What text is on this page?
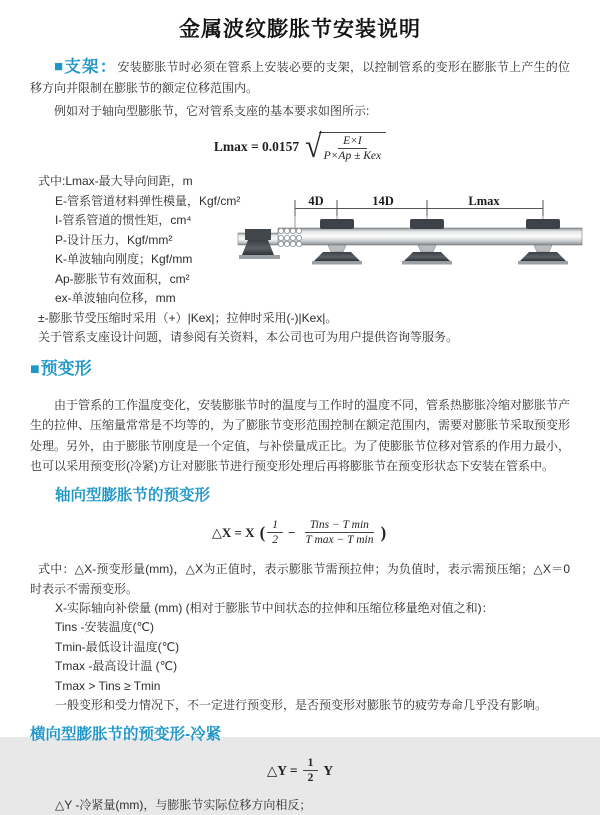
金属波纹膨胀节安装说明

■支架：安装膨胀节时必须在管系上安装必要的支架，以控制管系的变形在膨胀节上产生的位移方向并限制在膨胀节的额定位移范围内。

例如对于轴向型膨胀节，它对管系支座的基本要求如图所示:

Lmax = 0.0157 √
$\frac{E\times I}{\text{P×Ap ± Kex}}$

式中:Lmax-最大导向间距，m

E-管系管道材料弹性模量，Kgf/cm²

I-管系管道的惯性矩，cm⁴

P-设计压力，Kgf/mm²

K-单波轴向刚度；Kgf/mm

Ap-膨胀节有效面积，cm²

ex-单波轴向位移，mm

±-膨胀节受压缩时采用（+）|Kex|；拉伸时采用(-)|Kex|。

关于管系支座设计问题，请参阅有关资料，本公司也可为用户提供咨询等服务。

4D	14D	Lmax
■预变形

由于管系的工作温度变化，安装膨胀节时的温度与工作时的温度不同，管系热膨胀冷缩对膨胀节产生的拉伸、压缩量常常是不均等的，为了膨胀节变形范围控制在额定范围内，需要对膨胀节采取预变形处理。另外，由于膨胀节刚度是一个定值，与补偿量成正比。为了使膨胀节位移对管系的作用力最小，也可以采用预变形(冷紧)方让对膨胀节进行预变形处理后再将膨胀节在预变形状态下安装在管系中。

轴向型膨胀节的预变形
△X = X ( $\frac{1}{2} - \frac{\text{Tins − T min}}{\text{T max − T min}}$ )

式中：△X-预变形量(mm)，△X为正值时，表示膨胀节需预拉伸；为负值时，表示需预压缩；△X＝0时表示不需预变形。

X-实际轴向补偿量 (mm) (相对于膨胀节中间状态的拉伸和压缩位移量绝对值之和)：

Tins -安装温度(℃)

Tmin-最低设计温度(℃)

Tmax -最高设计温 (℃)

Tmax > Tins ≥ Tmin

一般变形和受力情况下，不一定进行预变形，是否预变形对膨胀节的疲劳寿命几乎没有影响。

横向型膨胀节的预变形-冷紧
△Y = $\frac{1}{2}$ Y

△Y -冷紧量(mm)，与膨胀节实际位移方向相反；
